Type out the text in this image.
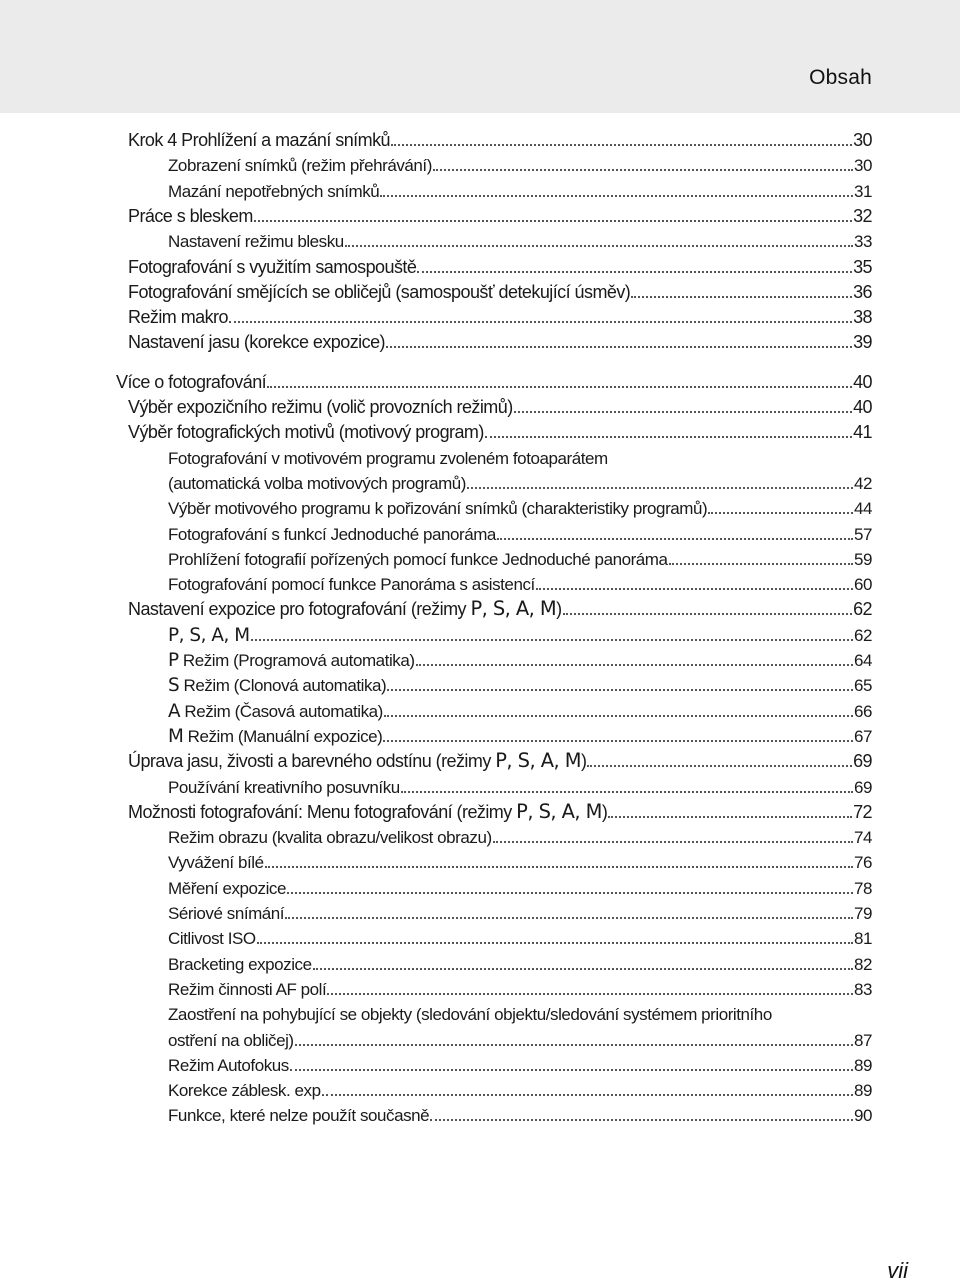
Obsah
Krok 4 Prohlížení a mazání snímků	30
Zobrazení snímků (režim přehrávání)	30
Mazání nepotřebných snímků	31
Práce s bleskem	32
Nastavení režimu blesku	33
Fotografování s využitím samospouště	35
Fotografování smějících se obličejů (samospoušť detekující úsměv)	36
Režim makro	38
Nastavení jasu (korekce expozice)	39
Více o fotografování	40
Výběr expozičního režimu (volič provozních režimů)	40
Výběr fotografických motivů (motivový program)	41
Fotografování v motivovém programu zvoleném fotoaparátem
(automatická volba motivových programů)	42
Výběr motivového programu k pořizování snímků (charakteristiky programů)	44
Fotografování s funkcí Jednoduché panoráma	57
Prohlížení fotografií pořízených pomocí funkce Jednoduché panoráma	59
Fotografování pomocí funkce Panoráma s asistencí	60
Nastavení expozice pro fotografování (režimy P, S, A, M)	62
P, S, A, M	62
P Režim (Programová automatika)	64
S Režim (Clonová automatika)	65
A Režim (Časová automatika)	66
M Režim (Manuální expozice)	67
Úprava jasu, živosti a barevného odstínu (režimy P, S, A, M)	69
Používání kreativního posuvníku	69
Možnosti fotografování: Menu fotografování (režimy P, S, A, M)	72
Režim obrazu (kvalita obrazu/velikost obrazu)	74
Vyvážení bílé	76
Měření expozice	78
Sériové snímání	79
Citlivost ISO	81
Bracketing expozice	82
Režim činnosti AF polí	83
Zaostření na pohybující se objekty (sledování objektu/sledování systémem prioritního
ostření na obličej)	87
Režim Autofokus	89
Korekce záblesk. exp.	89
Funkce, které nelze použít současně	90
vii
